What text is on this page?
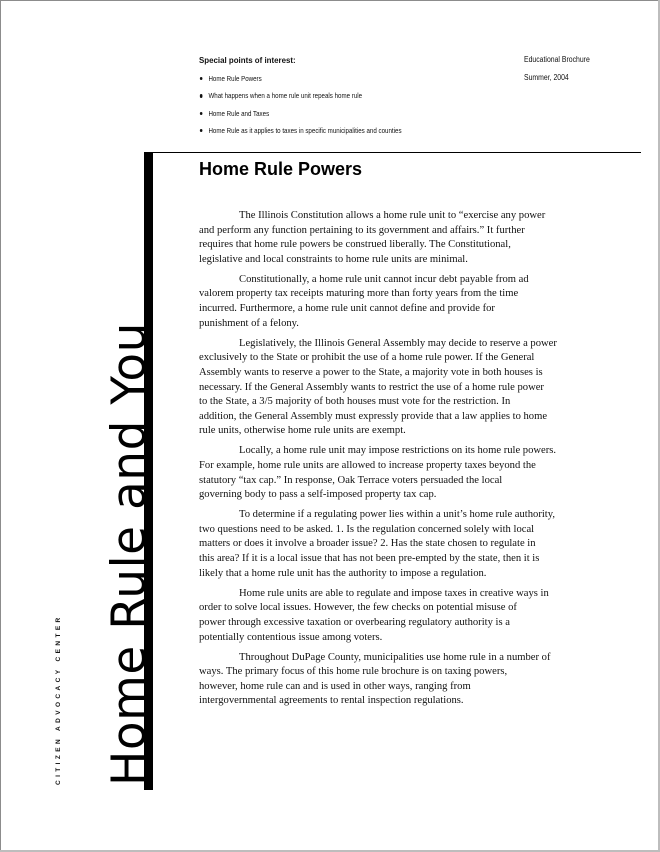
Special points of interest:
Home Rule Powers
What happens when a home rule unit repeals home rule
Home Rule and Taxes
Home Rule as it applies to taxes in specific municipalities and counties
Educational Brochure
Summer, 2004
Home Rule and You
CITIZEN ADVOCACY CENTER
Home Rule Powers

The Illinois Constitution allows a home rule unit to “exercise any power
and perform any function pertaining to its government and affairs.” It further
requires that home rule powers be construed liberally. The Constitutional,
legislative and local constraints to home rule units are minimal.

Constitutionally, a home rule unit cannot incur debt payable from ad
valorem property tax receipts maturing more than forty years from the time
incurred. Furthermore, a home rule unit cannot define and provide for
punishment of a felony.

Legislatively, the Illinois General Assembly may decide to reserve a power
exclusively to the State or prohibit the use of a home rule power. If the General
Assembly wants to reserve a power to the State, a majority vote in both houses is
necessary. If the General Assembly wants to restrict the use of a home rule power
to the State, a 3/5 majority of both houses must vote for the restriction. In
addition, the General Assembly must expressly provide that a law applies to home
rule units, otherwise home rule units are exempt.

Locally, a home rule unit may impose restrictions on its home rule powers.
For example, home rule units are allowed to increase property taxes beyond the
statutory “tax cap.” In response, Oak Terrace voters persuaded the local
governing body to pass a self-imposed property tax cap.

To determine if a regulating power lies within a unit’s home rule authority,
two questions need to be asked. 1. Is the regulation concerned solely with local
matters or does it involve a broader issue? 2. Has the state chosen to regulate in
this area? If it is a local issue that has not been pre-empted by the state, then it is
likely that a home rule unit has the authority to impose a regulation.

Home rule units are able to regulate and impose taxes in creative ways in
order to solve local issues. However, the few checks on potential misuse of
power through excessive taxation or overbearing regulatory authority is a
potentially contentious issue among voters.

Throughout DuPage County, municipalities use home rule in a number of
ways. The primary focus of this home rule brochure is on taxing powers,
however, home rule can and is used in other ways, ranging from
intergovernmental agreements to rental inspection regulations.
